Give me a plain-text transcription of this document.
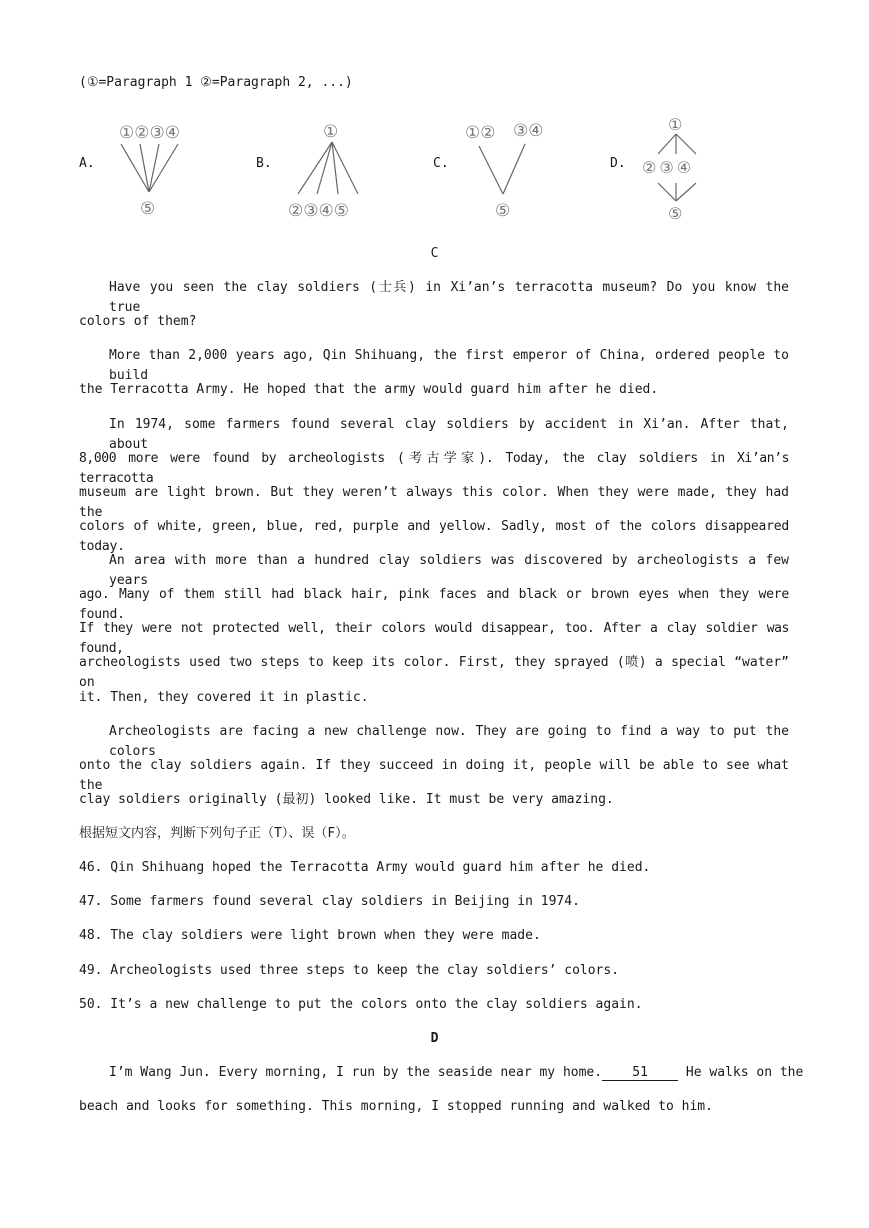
(①=Paragraph 1 ②=Paragraph 2, ...)
A.
①②③④
⑤
B.
①
②③④⑤
C.
①② ③④
⑤
D.
①
②③④
⑤
C
Have you seen the clay soldiers (士兵) in Xi’an’s terracotta museum? Do you know the true
colors of them?
More than 2,000 years ago, Qin Shihuang, the first emperor of China, ordered people to build
the Terracotta Army. He hoped that the army would guard him after he died.
In 1974, some farmers found several clay soldiers by accident in Xi’an. After that, about
8,000 more were found by archeologists (考古学家). Today, the clay soldiers in Xi’an’s terracotta
museum are light brown. But they weren’t always this color. When they were made, they had the
colors of white, green, blue, red, purple and yellow. Sadly, most of the colors disappeared today.
An area with more than a hundred clay soldiers was discovered by archeologists a few years
ago. Many of them still had black hair, pink faces and black or brown eyes when they were found.
If they were not protected well, their colors would disappear, too. After a clay soldier was found,
archeologists used two steps to keep its color. First, they sprayed (喷) a special “water” on
it. Then, they covered it in plastic.
Archeologists are facing a new challenge now. They are going to find a way to put the colors
onto the clay soldiers again. If they succeed in doing it, people will be able to see what the
clay soldiers originally (最初) looked like. It must be very amazing.
根据短文内容，判断下列句子正（T）、误（F）。
46. Qin Shihuang hoped the Terracotta Army would guard him after he died.
47. Some farmers found several clay soldiers in Beijing in 1974.
48. The clay soldiers were light brown when they were made.
49. Archeologists used three steps to keep the clay soldiers’ colors.
50. It’s a new challenge to put the colors onto the clay soldiers again.
D
I’m Wang Jun. Every morning, I run by the seaside near my home.	51	He walks on the
beach and looks for something. This morning, I stopped running and walked to him.
